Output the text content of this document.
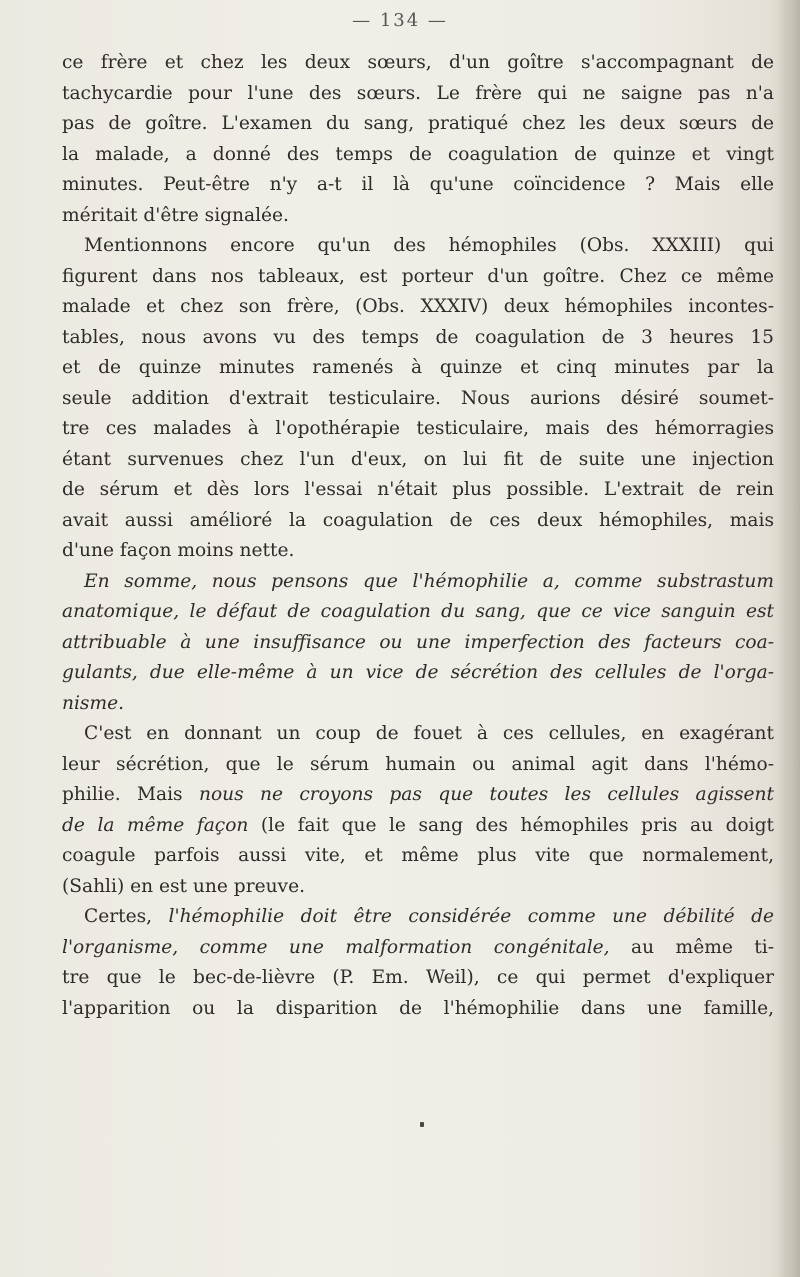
— 134 —
ce frère et chez les deux sœurs, d'un goître s'accompagnant de
tachycardie pour l'une des sœurs. Le frère qui ne saigne pas n'a
pas de goître. L'examen du sang, pratiqué chez les deux sœurs de
la malade, a donné des temps de coagulation de quinze et vingt
minutes. Peut-être n'y a-t il là qu'une coïncidence ? Mais elle
méritait d'être signalée.
Mentionnons encore qu'un des hémophiles (Obs. XXXIII) qui
figurent dans nos tableaux, est porteur d'un goître. Chez ce même
malade et chez son frère, (Obs. XXXIV) deux hémophiles incontes-
tables, nous avons vu des temps de coagulation de 3 heures 15
et de quinze minutes ramenés à quinze et cinq minutes par la
seule addition d'extrait testiculaire. Nous aurions désiré soumet-
tre ces malades à l'opothérapie testiculaire, mais des hémorragies
étant survenues chez l'un d'eux, on lui fit de suite une injection
de sérum et dès lors l'essai n'était plus possible. L'extrait de rein
avait aussi amélioré la coagulation de ces deux hémophiles, mais
d'une façon moins nette.
En somme, nous pensons que l'hémophilie a, comme substrastum
anatomique, le défaut de coagulation du sang, que ce vice sanguin est
attribuable à une insuffisance ou une imperfection des facteurs coa-
gulants, due elle-même à un vice de sécrétion des cellules de l'orga-
nisme.
C'est en donnant un coup de fouet à ces cellules, en exagérant
leur sécrétion, que le sérum humain ou animal agit dans l'hémo-
philie. Mais nous ne croyons pas que toutes les cellules agissent
de la même façon (le fait que le sang des hémophiles pris au doigt
coagule parfois aussi vite, et même plus vite que normalement,
(Sahli) en est une preuve.
Certes, l'hémophilie doit être considérée comme une débilité de
l'organisme, comme une malformation congénitale, au même ti-
tre que le bec-de-lièvre (P. Em. Weil), ce qui permet d'expliquer
l'apparition ou la disparition de l'hémophilie dans une famille,
